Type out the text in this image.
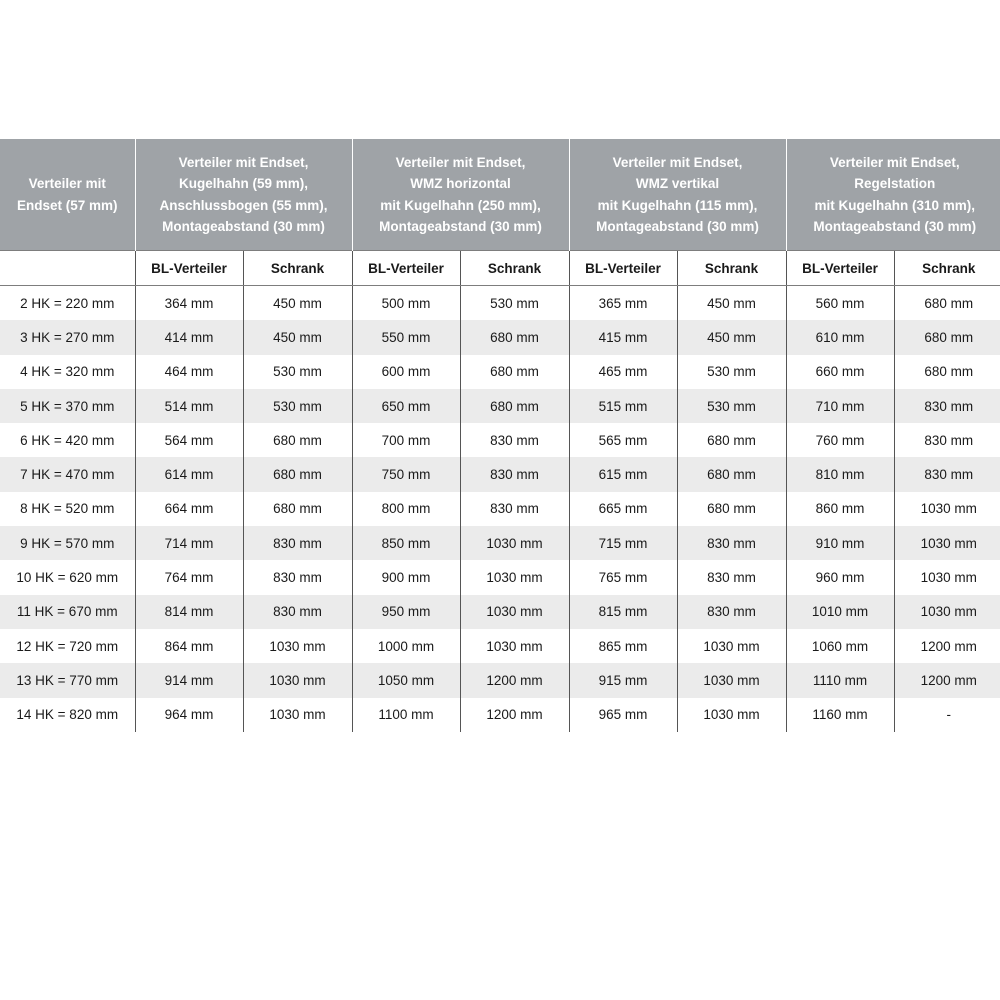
Verteiler mit
Endset (57 mm)	Verteiler mit Endset,
Kugelhahn (59 mm),
Anschlussbogen (55 mm),
Montageabstand (30 mm)		Verteiler mit Endset,
WMZ horizontal
mit Kugelhahn (250 mm),
Montageabstand (30 mm)		Verteiler mit Endset,
WMZ vertikal
mit Kugelhahn (115 mm),
Montageabstand (30 mm)		Verteiler mit Endset,
Regelstation
mit Kugelhahn (310 mm),
Montageabstand (30 mm)	
	BL-Verteiler	Schrank	BL-Verteiler	Schrank	BL-Verteiler	Schrank	BL-Verteiler	Schrank
2 HK = 220 mm	364 mm	450 mm	500 mm	530 mm	365 mm	450 mm	560 mm	680 mm
3 HK = 270 mm	414 mm	450 mm	550 mm	680 mm	415 mm	450 mm	610 mm	680 mm
4 HK = 320 mm	464 mm	530 mm	600 mm	680 mm	465 mm	530 mm	660 mm	680 mm
5 HK = 370 mm	514 mm	530 mm	650 mm	680 mm	515 mm	530 mm	710 mm	830 mm
6 HK = 420 mm	564 mm	680 mm	700 mm	830 mm	565 mm	680 mm	760 mm	830 mm
7 HK = 470 mm	614 mm	680 mm	750 mm	830 mm	615 mm	680 mm	810 mm	830 mm
8 HK = 520 mm	664 mm	680 mm	800 mm	830 mm	665 mm	680 mm	860 mm	1030 mm
9 HK = 570 mm	714 mm	830 mm	850 mm	1030 mm	715 mm	830 mm	910 mm	1030 mm
10 HK = 620 mm	764 mm	830 mm	900 mm	1030 mm	765 mm	830 mm	960 mm	1030 mm
11 HK = 670 mm	814 mm	830 mm	950 mm	1030 mm	815 mm	830 mm	1010 mm	1030 mm
12 HK = 720 mm	864 mm	1030 mm	1000 mm	1030 mm	865 mm	1030 mm	1060 mm	1200 mm
13 HK = 770 mm	914 mm	1030 mm	1050 mm	1200 mm	915 mm	1030 mm	1110 mm	1200 mm
14 HK = 820 mm	964 mm	1030 mm	1100 mm	1200 mm	965 mm	1030 mm	1160 mm	-
